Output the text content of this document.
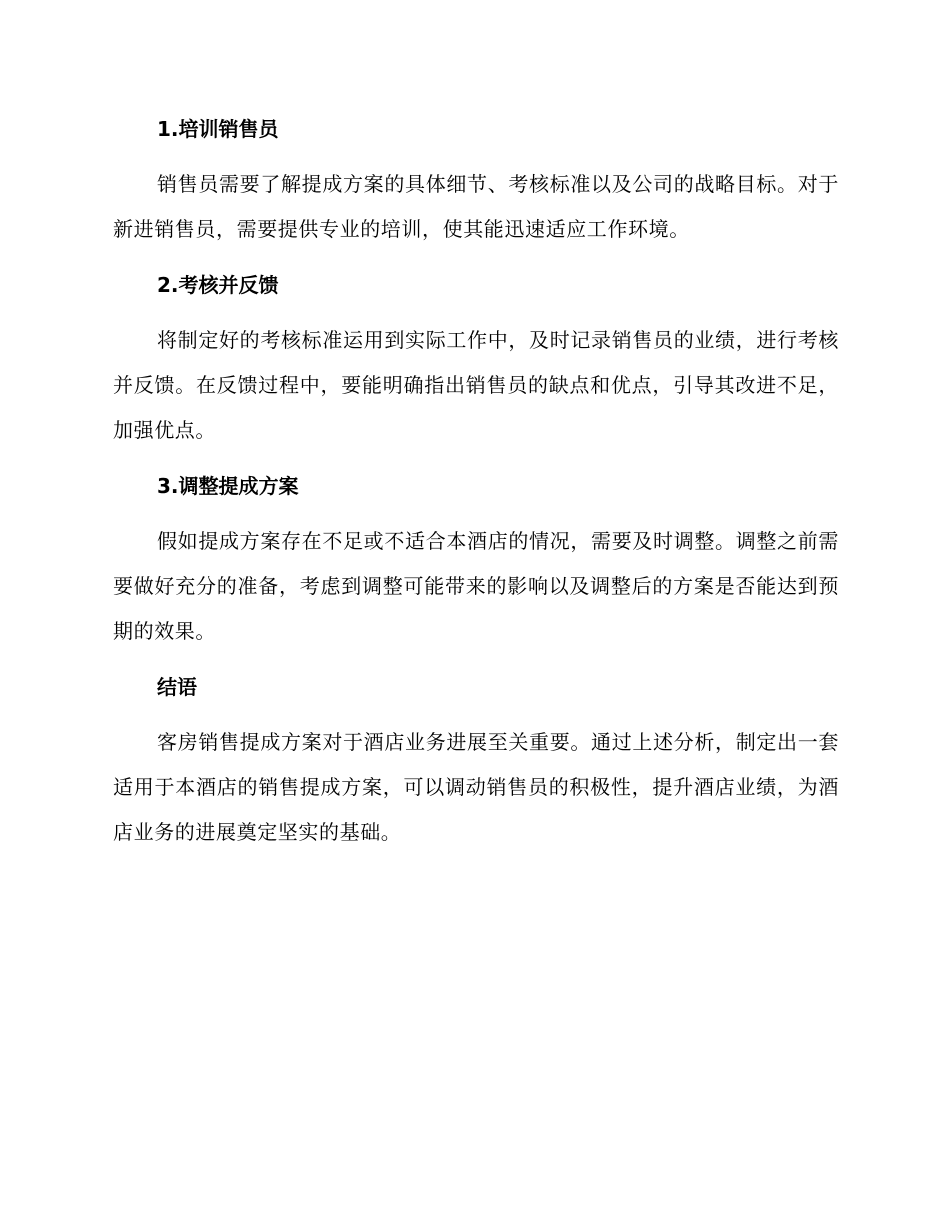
1.培训销售员

销售员需要了解提成方案的具体细节、考核标准以及公司的战略目标。对于新进销售员，需要提供专业的培训，使其能迅速适应工作环境。

2.考核并反馈

将制定好的考核标准运用到实际工作中，及时记录销售员的业绩，进行考核并反馈。在反馈过程中，要能明确指出销售员的缺点和优点，引导其改进不足，加强优点。

3.调整提成方案

假如提成方案存在不足或不适合本酒店的情况，需要及时调整。调整之前需要做好充分的准备，考虑到调整可能带来的影响以及调整后的方案是否能达到预期的效果。

结语

客房销售提成方案对于酒店业务进展至关重要。通过上述分析，制定出一套适用于本酒店的销售提成方案，可以调动销售员的积极性，提升酒店业绩，为酒店业务的进展奠定坚实的基础。
